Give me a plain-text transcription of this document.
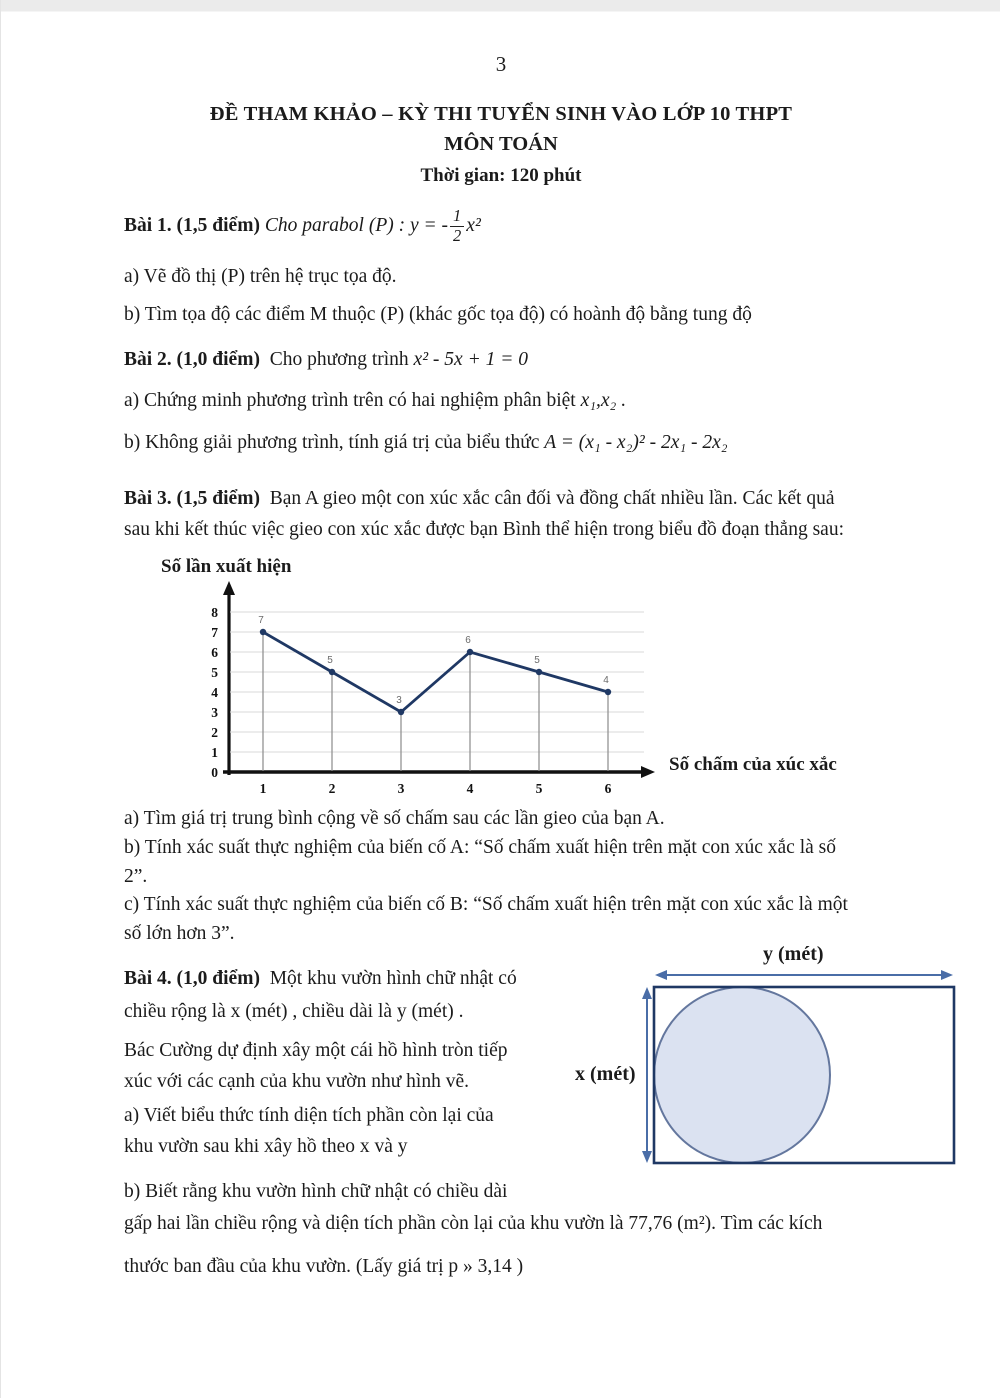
3
ĐỀ THAM KHẢO – KỲ THI TUYỂN SINH VÀO LỚP 10 THPT
MÔN TOÁN
Thời gian: 120 phút
Bài 1. (1,5 điểm)
Cho parabol (P) : y = - $\frac{1}{2} x^2$
a) Vẽ đồ thị (P) trên hệ trục tọa độ.
b) Tìm tọa độ các điểm M thuộc (P) (khác gốc tọa độ) có hoành độ bằng tung độ
Bài 2. (1,0 điểm) Cho phương trình x² - 5x + 1 = 0
a) Chứng minh phương trình trên có hai nghiệm phân biệt x₁,x₂ .
b) Không giải phương trình, tính giá trị của biểu thức A = (x₁ - x₂)² - 2x₁ - 2x₂
Bài 3. (1,5 điểm) Bạn A gieo một con xúc xắc cân đối và đồng chất nhiều lần. Các kết quả
sau khi kết thúc việc gieo con xúc xắc được bạn Bình thể hiện trong biểu đồ đoạn thẳng sau:
Số lần xuất hiện
0
1
2
3
4
5
6
7
8
1	2	3	4	5	6
7
5
3
6
5
4
Số chấm của xúc xắc
a) Tìm giá trị trung bình cộng về số chấm sau các lần gieo của bạn A.
b) Tính xác suất thực nghiệm của biến cố A: “Số chấm xuất hiện trên mặt con xúc xắc là số
2”.
c) Tính xác suất thực nghiệm của biến cố B: “Số chấm xuất hiện trên mặt con xúc xắc là một
số lớn hơn 3”.
Bài 4. (1,0 điểm) Một khu vườn hình chữ nhật có
chiều rộng là x (mét) , chiều dài là y (mét) .
Bác Cường dự định xây một cái hồ hình tròn tiếp
xúc với các cạnh của khu vườn như hình vẽ.
a) Viết biểu thức tính diện tích phần còn lại của
khu vườn sau khi xây hồ theo x và y
y (mét)
x (mét)
b) Biết rằng khu vườn hình chữ nhật có chiều dài
gấp hai lần chiều rộng và diện tích phần còn lại của khu vườn là 77,76 (m²). Tìm các kích
thước ban đầu của khu vườn. (Lấy giá trị p » 3,14 )
